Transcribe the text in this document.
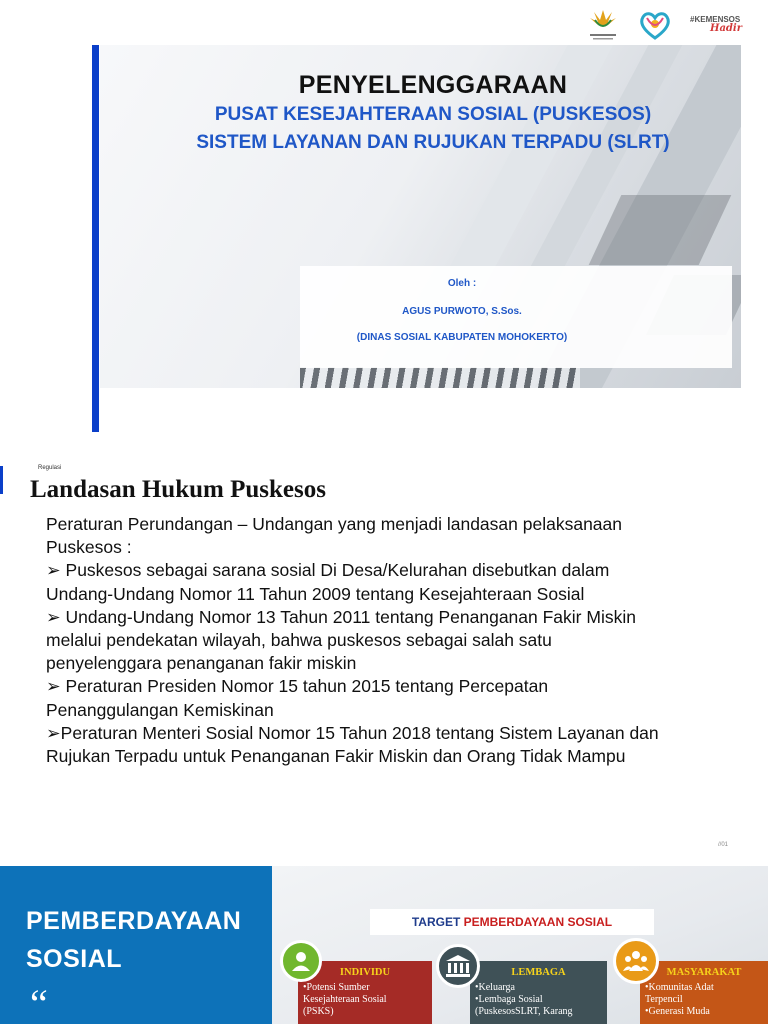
#KEMENSOS
Hadir
PENYELENGGARAAN
PUSAT KESEJAHTERAAN SOSIAL (PUSKESOS)
SISTEM LAYANAN DAN RUJUKAN TERPADU (SLRT)

Oleh :

AGUS PURWOTO, S.Sos.

(DINAS SOSIAL KABUPATEN MOHOKERTO)

Regulasi
Landasan Hukum Puskesos
Peraturan Perundangan – Undangan yang menjadi landasan pelaksanaan
Puskesos :
➢ Puskesos sebagai sarana sosial Di Desa/Kelurahan disebutkan dalam
Undang-Undang Nomor 11 Tahun 2009 tentang Kesejahteraan Sosial
➢ Undang-Undang Nomor 13 Tahun 2011 tentang Penanganan Fakir Miskin
melalui pendekatan wilayah, bahwa puskesos sebagai salah satu
penyelenggara penanganan fakir miskin
➢ Peraturan Presiden Nomor 15 tahun 2015 tentang Percepatan
Penanggulangan Kemiskinan
➢Peraturan Menteri Sosial Nomor 15 Tahun 2018 tentang Sistem Layanan dan
Rujukan Terpadu untuk Penanganan Fakir Miskin dan Orang Tidak Mampu
//01
PEMBERDAYAAN
SOSIAL
“
TARGET PEMBERDAYAAN SOSIAL
INDIVIDU
•Potensi Sumber
Kesejahteraan Sosial
(PSKS)
LEMBAGA
•Keluarga
•Lembaga Sosial
(PuskesosSLRT, Karang
MASYARAKAT
•Komunitas Adat
Terpencil
•Generasi Muda
